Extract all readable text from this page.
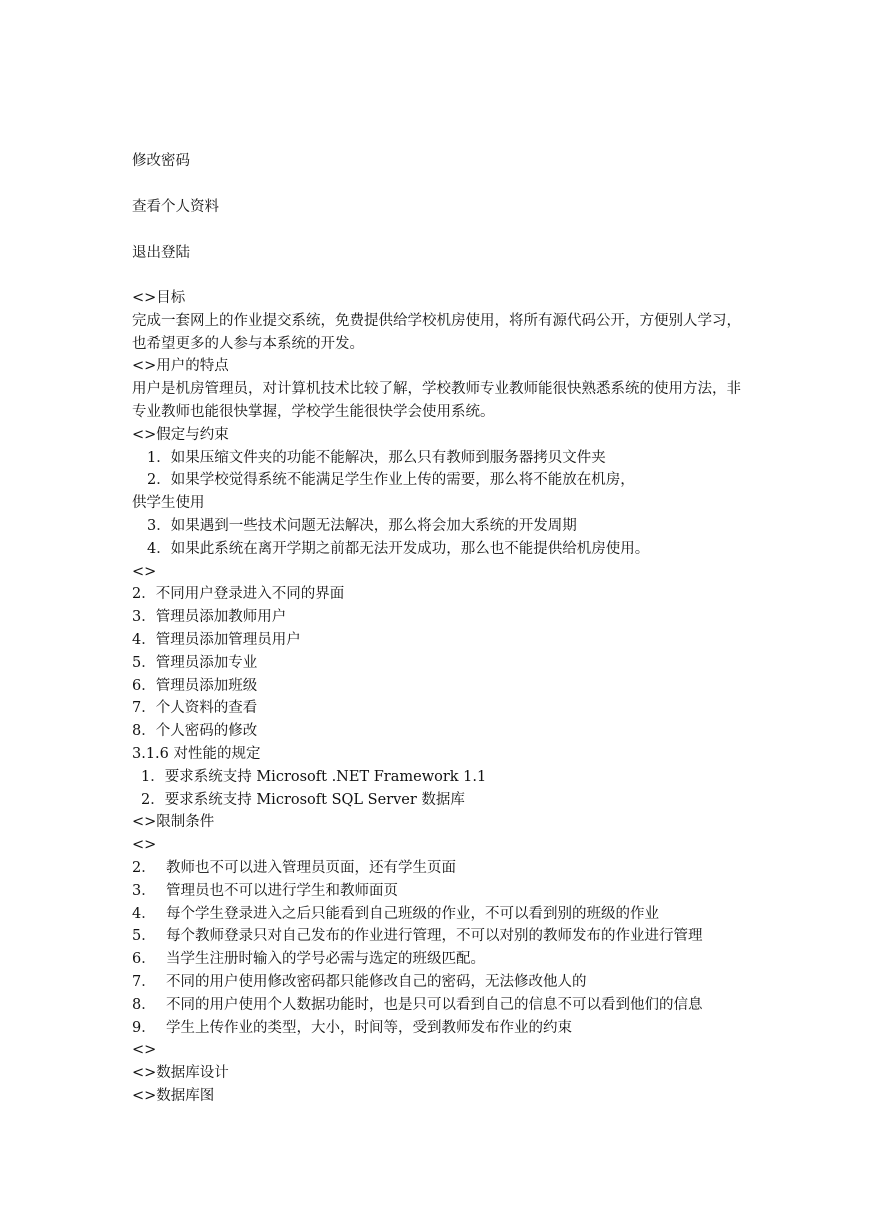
修改密码
查看个人资料
退出登陆
<>目标
完成一套网上的作业提交系统，免费提供给学校机房使用，将所有源代码公开，方便别人学习，也希望更多的人参与本系统的开发。
<>用户的特点
用户是机房管理员，对计算机技术比较了解，学校教师专业教师能很快熟悉系统的使用方法，非专业教师也能很快掌握，学校学生能很快学会使用系统。
<>假定与约束
1．如果压缩文件夹的功能不能解决，那么只有教师到服务器拷贝文件夹
2．如果学校觉得系统不能满足学生作业上传的需要，那么将不能放在机房，
供学生使用
3．如果遇到一些技术问题无法解决，那么将会加大系统的开发周期
4．如果此系统在离开学期之前都无法开发成功，那么也不能提供给机房使用。
<>
2．不同用户登录进入不同的界面
3．管理员添加教师用户
4．管理员添加管理员用户
5．管理员添加专业
6．管理员添加班级
7．个人资料的查看
8．个人密码的修改
3.1.6 对性能的规定
1．要求系统支持 Microsoft .NET Framework 1.1
2．要求系统支持 Microsoft SQL Server 数据库
<>限制条件
<>
2． 教师也不可以进入管理员页面，还有学生页面
3． 管理员也不可以进行学生和教师面页
4． 每个学生登录进入之后只能看到自己班级的作业，不可以看到别的班级的作业
5． 每个教师登录只对自己发布的作业进行管理，不可以对别的教师发布的作业进行管理
6． 当学生注册时输入的学号必需与选定的班级匹配。
7． 不同的用户使用修改密码都只能修改自己的密码，无法修改他人的
8． 不同的用户使用个人数据功能时，也是只可以看到自己的信息不可以看到他们的信息
9． 学生上传作业的类型，大小，时间等，受到教师发布作业的约束
<>
<>数据库设计
<>数据库图
